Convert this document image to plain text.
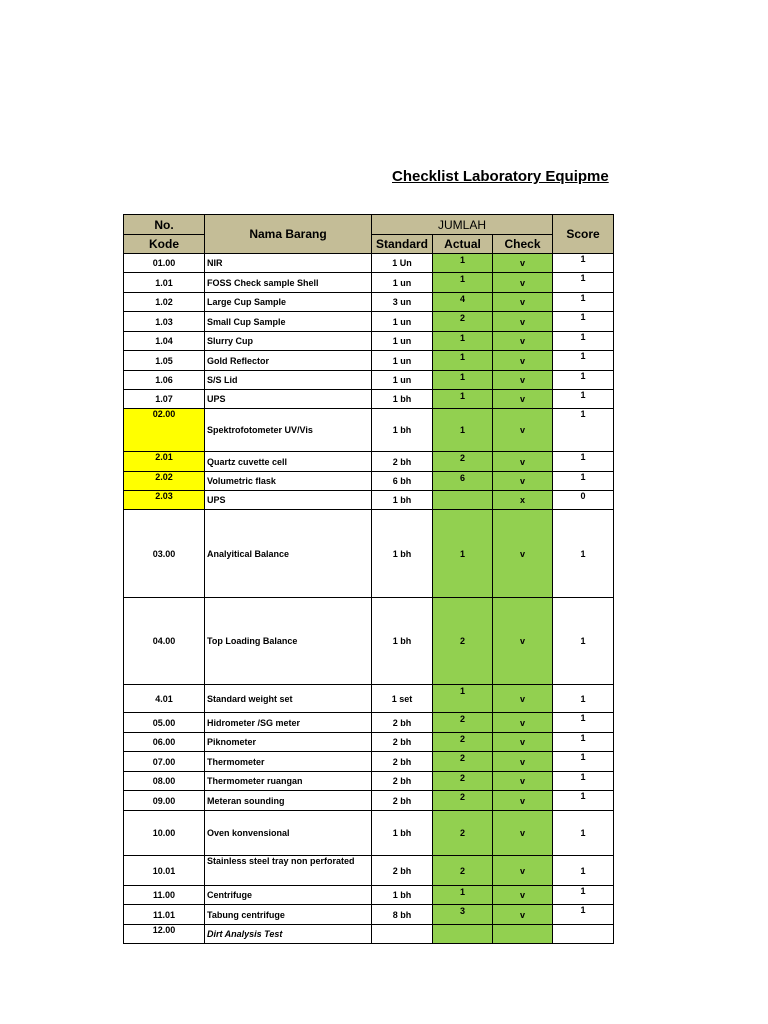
Checklist Laboratory Equipme
No.	Nama Barang	JUMLAH			Score
Kode		Standard	Actual	Check	
01.00	NIR	1 Un	1	v	1
1.01	FOSS Check sample Shell	1 un	1	v	1
1.02	Large Cup Sample	3 un	4	v	1
1.03	Small Cup Sample	1 un	2	v	1
1.04	Slurry Cup	1 un	1	v	1
1.05	Gold Reflector	1 un	1	v	1
1.06	S/S Lid	1 un	1	v	1
1.07	UPS	1 bh	1	v	1
02.00	Spektrofotometer UV/Vis	1 bh	1	v	1
2.01	Quartz cuvette cell	2 bh	2	v	1
2.02	Volumetric flask	6 bh	6	v	1
2.03	UPS	1 bh		x	0
03.00	Analyitical Balance	1 bh	1	v	1
04.00	Top Loading Balance	1 bh	2	v	1
4.01	Standard weight set	1 set	1	v	1
05.00	Hidrometer /SG meter	2 bh	2	v	1
06.00	Piknometer	2 bh	2	v	1
07.00	Thermometer	2 bh	2	v	1
08.00	Thermometer ruangan	2 bh	2	v	1
09.00	Meteran sounding	2 bh	2	v	1
10.00	Oven konvensional	1 bh	2	v	1
10.01	Stainless steel tray non perforated	2 bh	2	v	1
11.00	Centrifuge	1 bh	1	v	1
11.01	Tabung centrifuge	8 bh	3	v	1
12.00	Dirt Analysis Test				
